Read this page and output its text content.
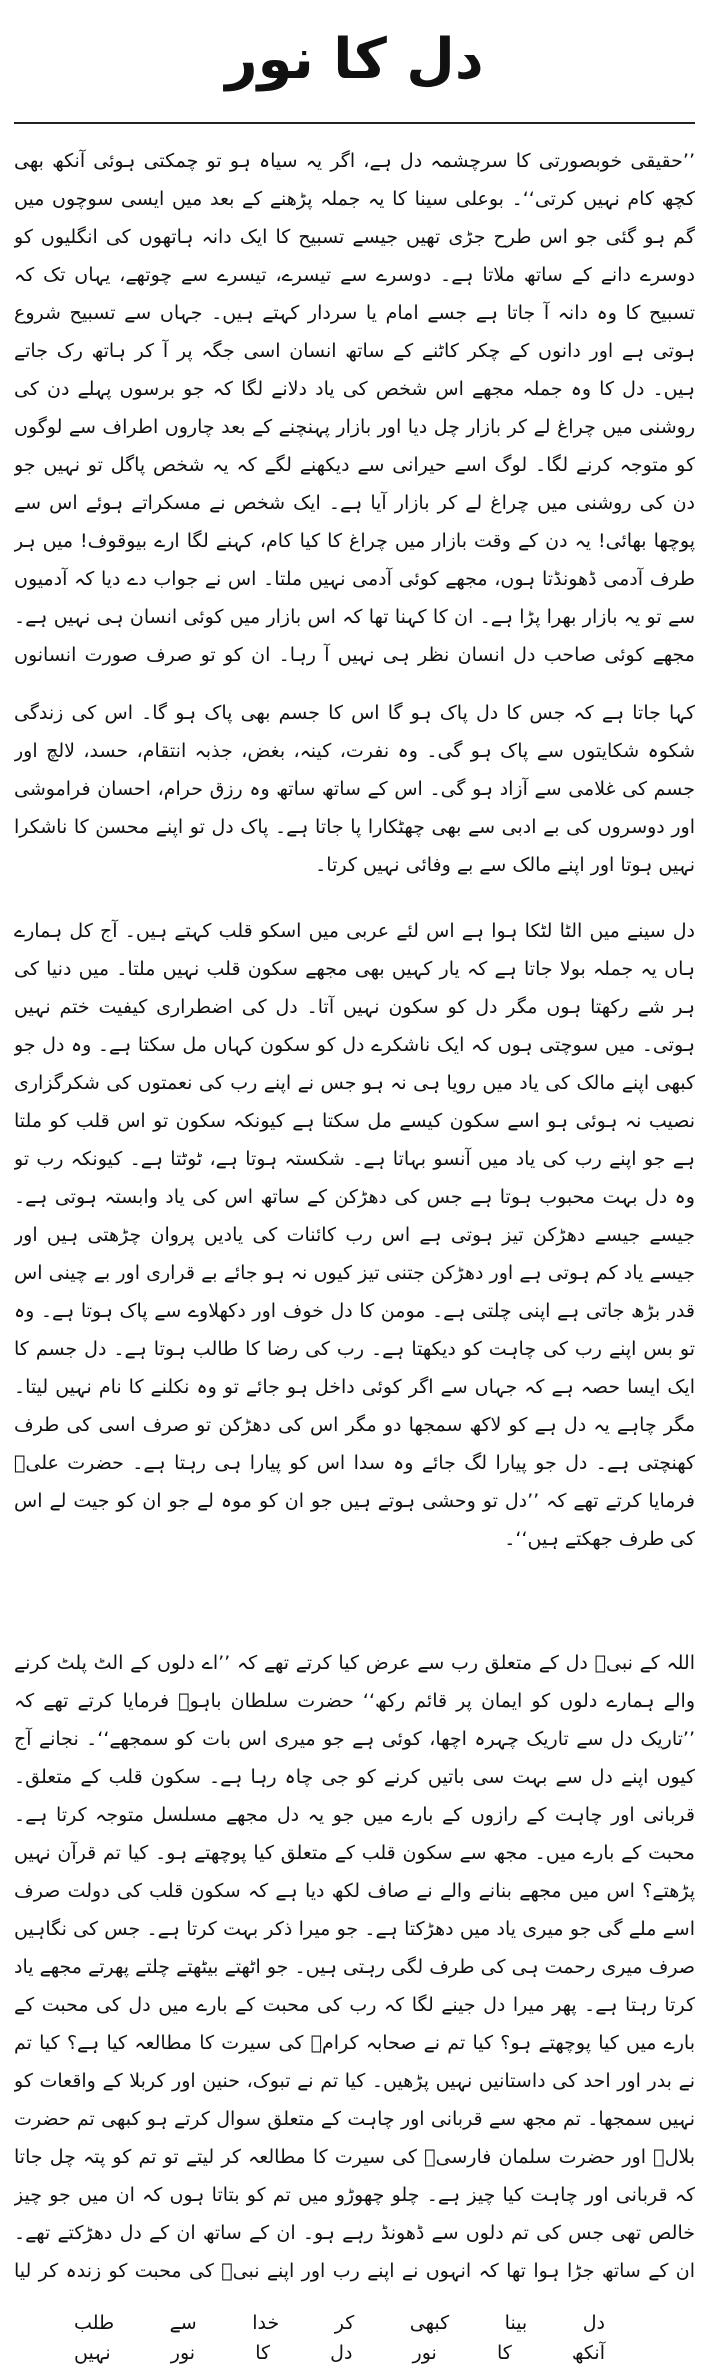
دل کا نور

’’حقیقی خوبصورتی کا سرچشمہ دل ہے، اگر یہ سیاہ ہو تو چمکتی ہوئی آنکھ بھی کچھ کام نہیں کرتی‘‘۔ بوعلی سینا کا یہ جملہ پڑھنے کے بعد میں ایسی سوچوں میں گم ہو گئی جو اس طرح جڑی تھیں جیسے تسبیح کا ایک دانہ ہاتھوں کی انگلیوں کو دوسرے دانے کے ساتھ ملاتا ہے۔ دوسرے سے تیسرے، تیسرے سے چوتھے، یہاں تک کہ تسبیح کا وہ دانہ آ جاتا ہے جسے امام یا سردار کہتے ہیں۔ جہاں سے تسبیح شروع ہوتی ہے اور دانوں کے چکر کاٹنے کے ساتھ انسان اسی جگہ پر آ کر ہاتھ رک جاتے ہیں۔ دل کا وہ جملہ مجھے اس شخص کی یاد دلانے لگا کہ جو برسوں پہلے دن کی روشنی میں چراغ لے کر بازار چل دیا اور بازار پہنچنے کے بعد چاروں اطراف سے لوگوں کو متوجہ کرنے لگا۔ لوگ اسے حیرانی سے دیکھنے لگے کہ یہ شخص پاگل تو نہیں جو دن کی روشنی میں چراغ لے کر بازار آیا ہے۔ ایک شخص نے مسکراتے ہوئے اس سے پوچھا بھائی! یہ دن کے وقت بازار میں چراغ کا کیا کام، کہنے لگا ارے بیوقوف! میں ہر طرف آدمی ڈھونڈتا ہوں، مجھے کوئی آدمی نہیں ملتا۔ اس نے جواب دے دیا کہ آدمیوں سے تو یہ بازار بھرا پڑا ہے۔ ان کا کہنا تھا کہ اس بازار میں کوئی انسان ہی نہیں ہے۔ مجھے کوئی صاحب دل انسان نظر ہی نہیں آ رہا۔ ان کو تو صرف صورت انسانوں

کہا جاتا ہے کہ جس کا دل پاک ہو گا اس کا جسم بھی پاک ہو گا۔ اس کی زندگی شکوہ شکایتوں سے پاک ہو گی۔ وہ نفرت، کینہ، بغض، جذبہ انتقام، حسد، لالچ اور جسم کی غلامی سے آزاد ہو گی۔ اس کے ساتھ ساتھ وہ رزق حرام، احسان فراموشی اور دوسروں کی بے ادبی سے بھی چھٹکارا پا جاتا ہے۔ پاک دل تو اپنے محسن کا ناشکرا نہیں ہوتا اور اپنے مالک سے بے وفائی نہیں کرتا۔

دل سینے میں الٹا لٹکا ہوا ہے اس لئے عربی میں اسکو قلب کہتے ہیں۔ آج کل ہمارے ہاں یہ جملہ بولا جاتا ہے کہ یار کہیں بھی مجھے سکون قلب نہیں ملتا۔ میں دنیا کی ہر شے رکھتا ہوں مگر دل کو سکون نہیں آتا۔ دل کی اضطراری کیفیت ختم نہیں ہوتی۔ میں سوچتی ہوں کہ ایک ناشکرے دل کو سکون کہاں مل سکتا ہے۔ وہ دل جو کبھی اپنے مالک کی یاد میں رویا ہی نہ ہو جس نے اپنے رب کی نعمتوں کی شکرگزاری نصیب نہ ہوئی ہو اسے سکون کیسے مل سکتا ہے کیونکہ سکون تو اس قلب کو ملتا ہے جو اپنے رب کی یاد میں آنسو بہاتا ہے۔ شکستہ ہوتا ہے، ٹوٹتا ہے۔ کیونکہ رب تو وہ دل بہت محبوب ہوتا ہے جس کی دھڑکن کے ساتھ اس کی یاد وابستہ ہوتی ہے۔ جیسے جیسے دھڑکن تیز ہوتی ہے اس رب کائنات کی یادیں پروان چڑھتی ہیں اور جیسے یاد کم ہوتی ہے اور دھڑکن جتنی تیز کیوں نہ ہو جائے بے قراری اور بے چینی اس قدر بڑھ جاتی ہے اپنی چلتی ہے۔ مومن کا دل خوف اور دکھلاوے سے پاک ہوتا ہے۔ وہ تو بس اپنے رب کی چاہت کو دیکھتا ہے۔ رب کی رضا کا طالب ہوتا ہے۔ دل جسم کا ایک ایسا حصہ ہے کہ جہاں سے اگر کوئی داخل ہو جائے تو وہ نکلنے کا نام نہیں لیتا۔ مگر چاہے یہ دل ہے کو لاکھ سمجھا دو مگر اس کی دھڑکن تو صرف اسی کی طرف کھنچتی ہے۔ دل جو پیارا لگ جائے وہ سدا اس کو پیارا ہی رہتا ہے۔ حضرت علیؓ فرمایا کرتے تھے کہ ’’دل تو وحشی ہوتے ہیں جو ان کو موہ لے جو ان کو جیت لے اس کی طرف جھکتے ہیں‘‘۔

اللہ کے نبیؐ دل کے متعلق رب سے عرض کیا کرتے تھے کہ ’’اے دلوں کے الٹ پلٹ کرنے والے ہمارے دلوں کو ایمان پر قائم رکھ‘‘ حضرت سلطان باہوؒ فرمایا کرتے تھے کہ ’’تاریک دل سے تاریک چہرہ اچھا، کوئی ہے جو میری اس بات کو سمجھے‘‘۔ نجانے آج کیوں اپنے دل سے بہت سی باتیں کرنے کو جی چاہ رہا ہے۔ سکون قلب کے متعلق۔ قربانی اور چاہت کے رازوں کے بارے میں جو یہ دل مجھے مسلسل متوجہ کرتا ہے۔ محبت کے بارے میں۔ مجھ سے سکون قلب کے متعلق کیا پوچھتے ہو۔ کیا تم قرآن نہیں پڑھتے؟ اس میں مجھے بنانے والے نے صاف لکھ دیا ہے کہ سکون قلب کی دولت صرف اسے ملے گی جو میری یاد میں دھڑکتا ہے۔ جو میرا ذکر بہت کرتا ہے۔ جس کی نگاہیں صرف میری رحمت ہی کی طرف لگی رہتی ہیں۔ جو اٹھتے بیٹھتے چلتے پھرتے مجھے یاد کرتا رہتا ہے۔ پھر میرا دل جینے لگا کہ رب کی محبت کے بارے میں دل کی محبت کے بارے میں کیا پوچھتے ہو؟ کیا تم نے صحابہ کرامؓ کی سیرت کا مطالعہ کیا ہے؟ کیا تم نے بدر اور احد کی داستانیں نہیں پڑھیں۔ کیا تم نے تبوک، حنین اور کربلا کے واقعات کو نہیں سمجھا۔ تم مجھ سے قربانی اور چاہت کے متعلق سوال کرتے ہو کبھی تم حضرت بلالؓ اور حضرت سلمان فارسیؓ کی سیرت کا مطالعہ کر لیتے تو تم کو پتہ چل جاتا کہ قربانی اور چاہت کیا چیز ہے۔ چلو چھوڑو میں تم کو بتاتا ہوں کہ ان میں جو چیز خالص تھی جس کی تم دلوں سے ڈھونڈ رہے ہو۔ ان کے ساتھ ان کے دل دھڑکتے تھے۔ ان کے ساتھ جڑا ہوا تھا کہ انہوں نے اپنے رب اور اپنے نبیؐ کی محبت کو زندہ کر لیا

دل
بینا
کبھی
کر
خدا
سے
طلب
آنکھ
کا
نور
دل
کا
نور
نہیں
